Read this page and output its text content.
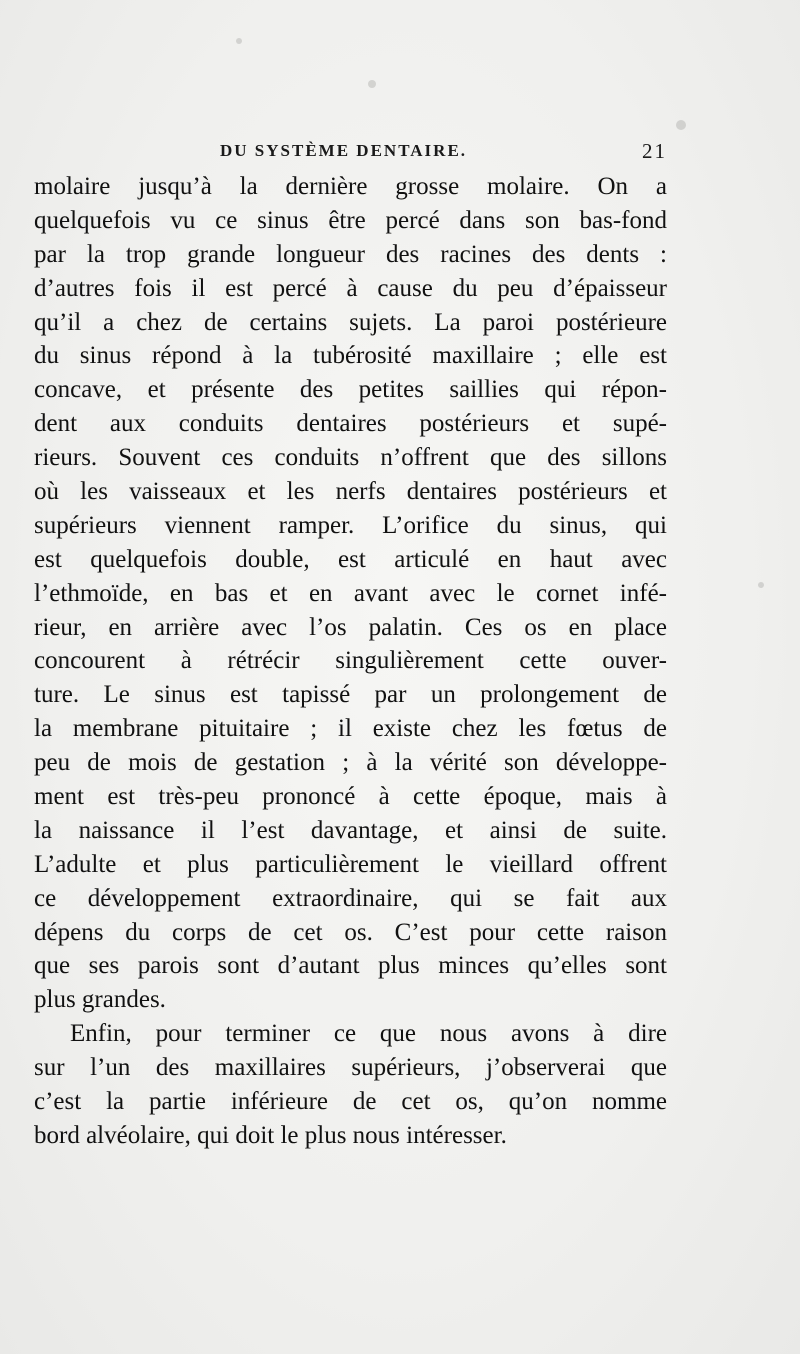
DU SYSTÈME DENTAIRE.	21
molaire jusqu’à la dernière grosse molaire. On a
quelquefois vu ce sinus être percé dans son bas-fond
par la trop grande longueur des racines des dents :
d’autres fois il est percé à cause du peu d’épaisseur
qu’il a chez de certains sujets. La paroi postérieure
du sinus répond à la tubérosité maxillaire ; elle est
concave, et présente des petites saillies qui répon-
dent aux conduits dentaires postérieurs et supé-
rieurs. Souvent ces conduits n’offrent que des sillons
où les vaisseaux et les nerfs dentaires postérieurs et
supérieurs viennent ramper. L’orifice du sinus, qui
est quelquefois double, est articulé en haut avec
l’ethmoïde, en bas et en avant avec le cornet infé-
rieur, en arrière avec l’os palatin. Ces os en place
concourent à rétrécir singulièrement cette ouver-
ture. Le sinus est tapissé par un prolongement de
la membrane pituitaire ; il existe chez les fœtus de
peu de mois de gestation ; à la vérité son développe-
ment est très-peu prononcé à cette époque, mais à
la naissance il l’est davantage, et ainsi de suite.
L’adulte et plus particulièrement le vieillard offrent
ce développement extraordinaire, qui se fait aux
dépens du corps de cet os. C’est pour cette raison
que ses parois sont d’autant plus minces qu’elles sont
plus grandes.
Enfin, pour terminer ce que nous avons à dire
sur l’un des maxillaires supérieurs, j’observerai que
c’est la partie inférieure de cet os, qu’on nomme
bord alvéolaire, qui doit le plus nous intéresser.
